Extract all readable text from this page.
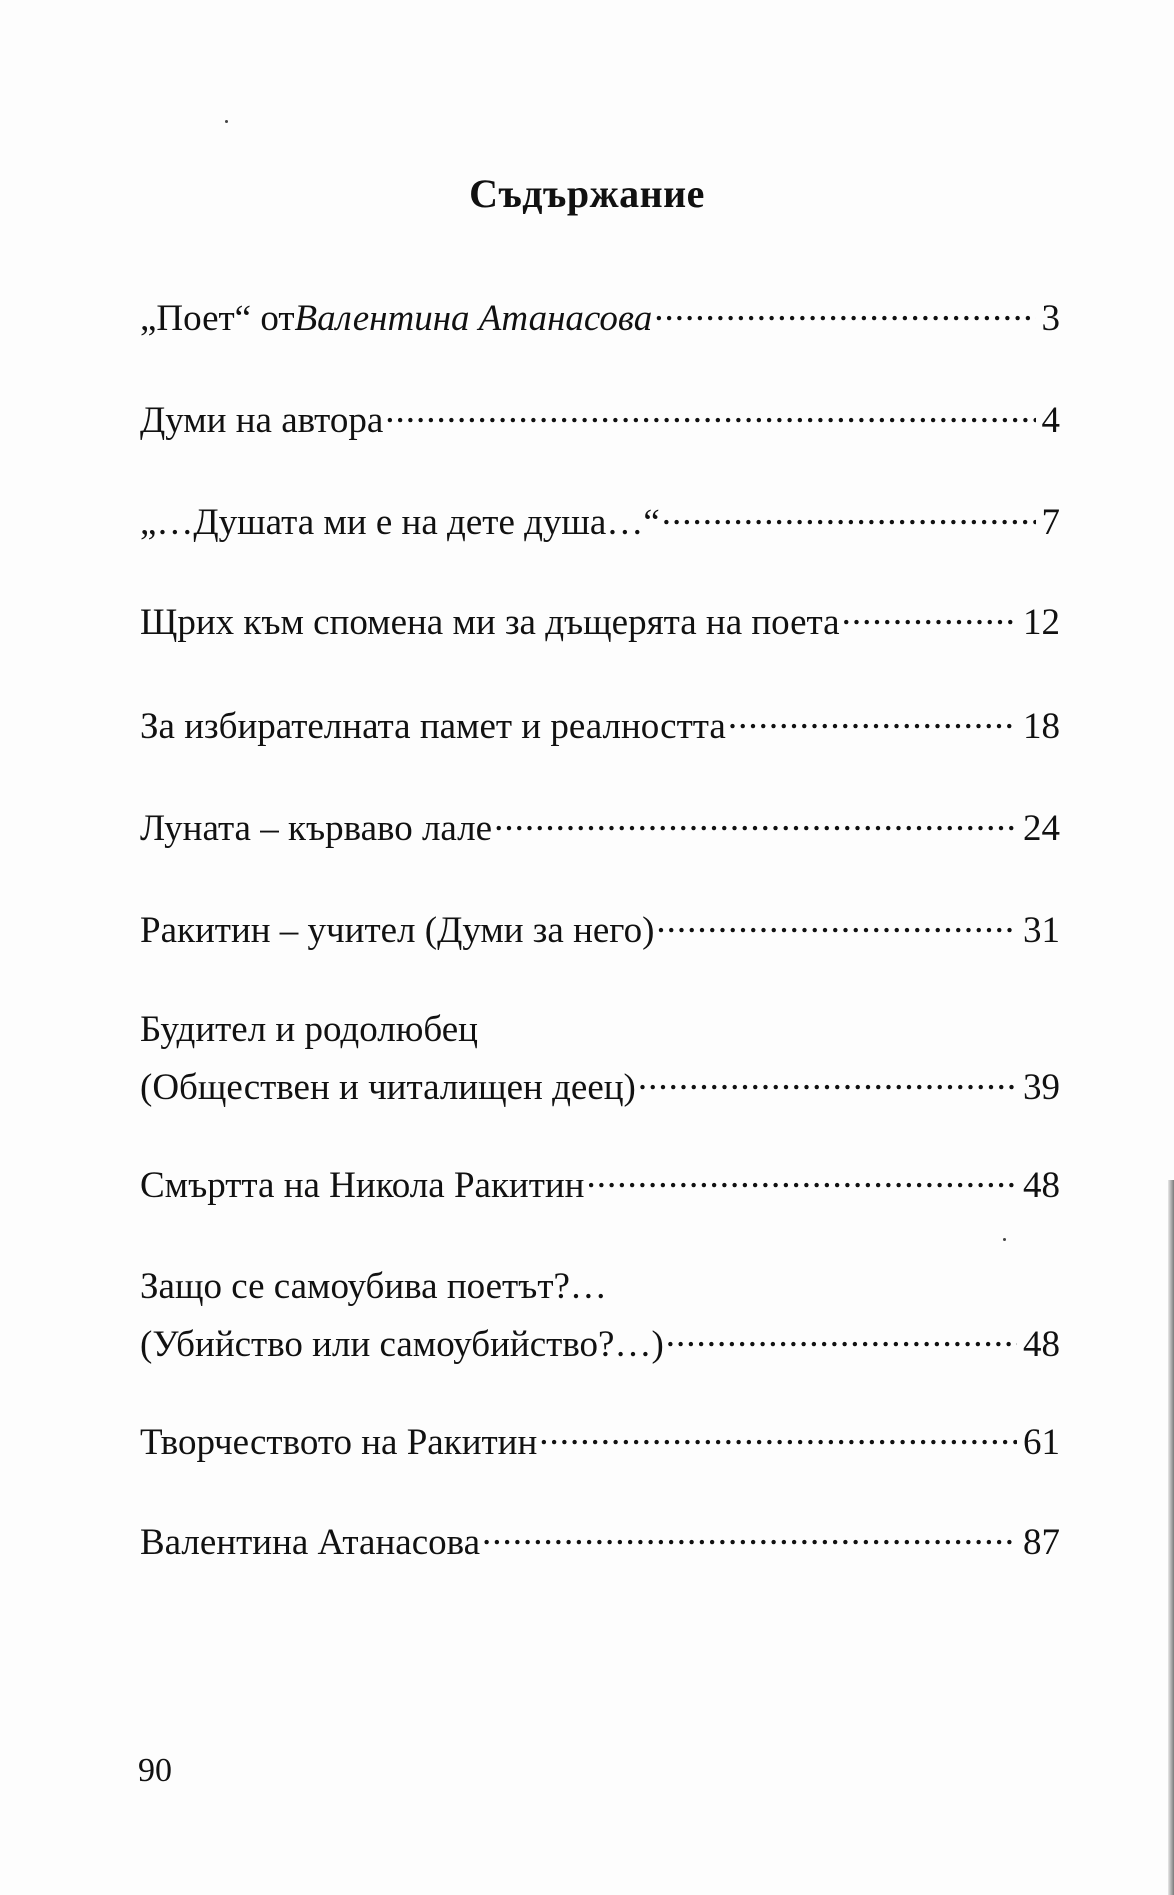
Съдържание
„Поет“ от Валентина Атанасова .....	3
Думи на автора .....	4
„…Душата ми е на дете душа…“ .....	7
Щрих към спомена ми за дъщерята на поета .....	12
За избирателната памет и реалността .....	18
Луната – кърваво лале .....	24
Ракитин – учител (Думи за него) .....	31
Будител и родолюбец
(Обществен и читалищен деец) .....	39
Смъртта на Никола Ракитин .....	48
Защо се самоубива поетът?…
(Убийство или самоубийство?…) .....	48
Творчеството на Ракитин .....	61
Валентина Атанасова .....	87
90
